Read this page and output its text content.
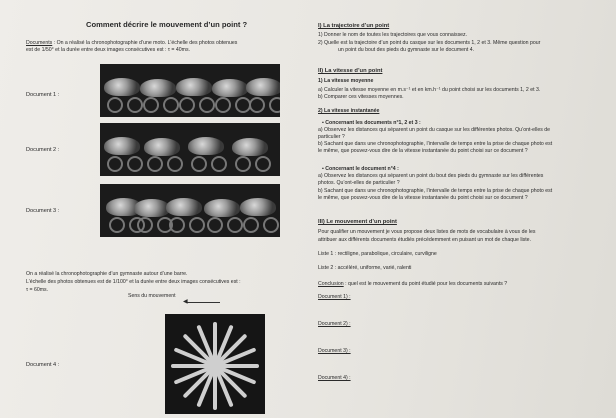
Comment décrire le mouvement d’un point ?
Documents : On a réalisé la chronophotographie d’une moto. L’échelle des photos obtenues
est de 1/50° et la durée entre deux images consécutives est : τ = 40ms.
Document 1 :
Document 2 :
Document 3 :
On a réalisé la chronophotographie d’un gymnaste autour d’une barre.
L’échelle des photos obtenues est de 1/100° et la durée entre deux images consécutives est :
τ = 60ms.
Sens du mouvement
◀
Document 4 :
I) La trajectoire d’un point
1) Donner le nom de toutes les trajectoires que vous connaissez.
2) Quelle est la trajectoire d’un point du casque sur les documents 1, 2 et 3. Même question pour
un point du bout des pieds du gymnaste sur le document 4.
II) La vitesse d’un point
1) La vitesse moyenne
a) Calculer la vitesse moyenne en m.s⁻¹ et en km.h⁻¹ du point choisi sur les documents 1, 2 et 3.
b) Comparer ces vitesses moyennes.
2) La vitesse instantanée
▪ Concernant les documents n°1, 2 et 3 :
a) Observez les distances qui séparent un point du casque sur les différentes photos. Qu’ont-elles de
particulier ?
b) Sachant que dans une chronophotographie, l’intervalle de temps entre la prise de chaque photo est
le même, que pouvez-vous dire de la vitesse instantanée du point choisi sur ce document ?
▪ Concernant le document n°4 :
a) Observez les distances qui séparent un point du bout des pieds du gymnaste sur les différentes
photos. Qu’ont-elles de particulier ?
b) Sachant que dans une chronophotographie, l’intervalle de temps entre la prise de chaque photo est
le même, que pouvez-vous dire de la vitesse instantanée du point choisi sur ce document ?
III) Le mouvement d’un point
Pour qualifier un mouvement je vous propose deux listes de mots de vocabulaire à vous de les
attribuer aux différents documents étudiés précédemment en puisant un mot de chaque liste.
Liste 1 : rectiligne, parabolique, circulaire, curviligne
Liste 2 : accéléré, uniforme, varié, ralenti
Conclusion : quel est le mouvement du point étudié pour les documents suivants ?
Document 1) :
Document 2) :
Document 3) :
Document 4) :
